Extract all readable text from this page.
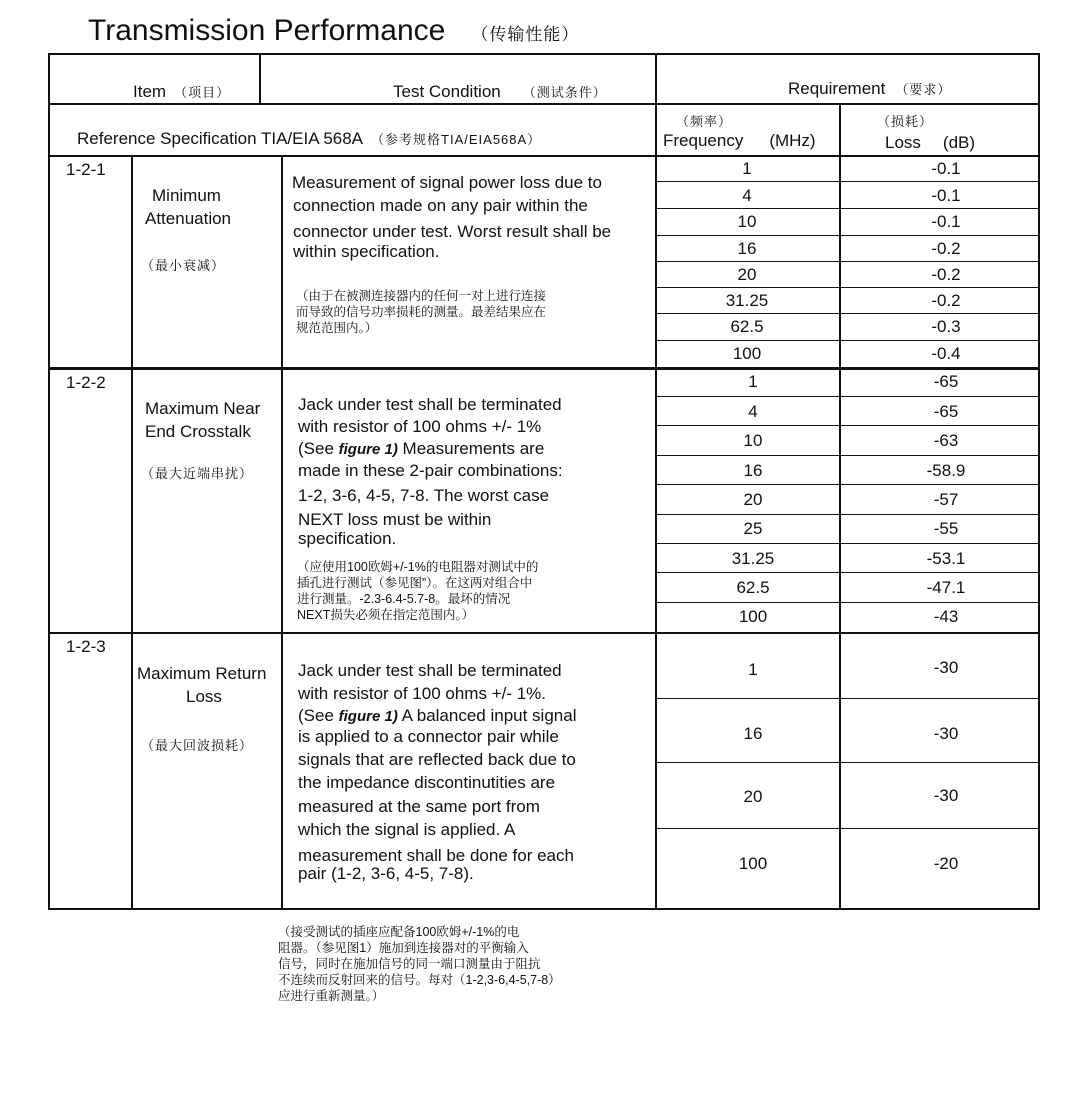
Transmission Performance （传输性能）
Item （项目）	Test Condition （测试条件）	Requirement （要求）
Reference Specification TIA/EIA 568A （参考规格TIA/EIA568A）
（频率）
Frequency (MHz)
（损耗）
Loss (dB)
1-2-1
Minimum
Attenuation
（最小衰减）
Measurement of signal power loss due to
connection made on any pair within the
connector under test. Worst result shall be
within specification.
（由于在被测连接器内的任何一对上进行连接
而导致的信号功率损耗的测量。最差结果应在
规范范围内。）
1
4
10
16
20
31.25
62.5
100
-0.1
-0.1
-0.1
-0.2
-0.2
-0.2
-0.3
-0.4
1-2-2
Maximum Near
End Crosstalk
（最大近端串扰）
Jack under test shall be terminated
with resistor of 100 ohms +/- 1%
(See figure 1) Measurements are
made in these 2-pair combinations:
1-2, 3-6, 4-5, 7-8. The worst case
NEXT loss must be within
specification.
（应使用100欧姆+/-1%的电阻器对测试中的
插孔进行测试（参见图”）。在这两对组合中
进行测量。-2.3-6.4-5.7-8。最坏的情况
NEXT损失必须在指定范围内。）
1
4
10
16
20
25
31.25
62.5
100
-65
-65
-63
-58.9
-57
-55
-53.1
-47.1
-43
1-2-3
Maximum Return
Loss
（最大回波损耗）
Jack under test shall be terminated
with resistor of 100 ohms +/- 1%.
(See figure 1) A balanced input signal
is applied to a connector pair while
signals that are reflected back due to
the impedance discontinutities are
measured at the same port from
which the signal is applied. A
measurement shall be done for each
pair (1-2, 3-6, 4-5, 7-8).
1
16
20
100
-30
-30
-30
-20
（接受测试的插座应配备100欧姆+/-1%的电
阻器。（参见图1）施加到连接器对的平衡输入
信号，同时在施加信号的同一端口测量由于阻抗
不连续而反射回来的信号。每对（1-2,3-6,4-5,7-8）
应进行重新测量。）
